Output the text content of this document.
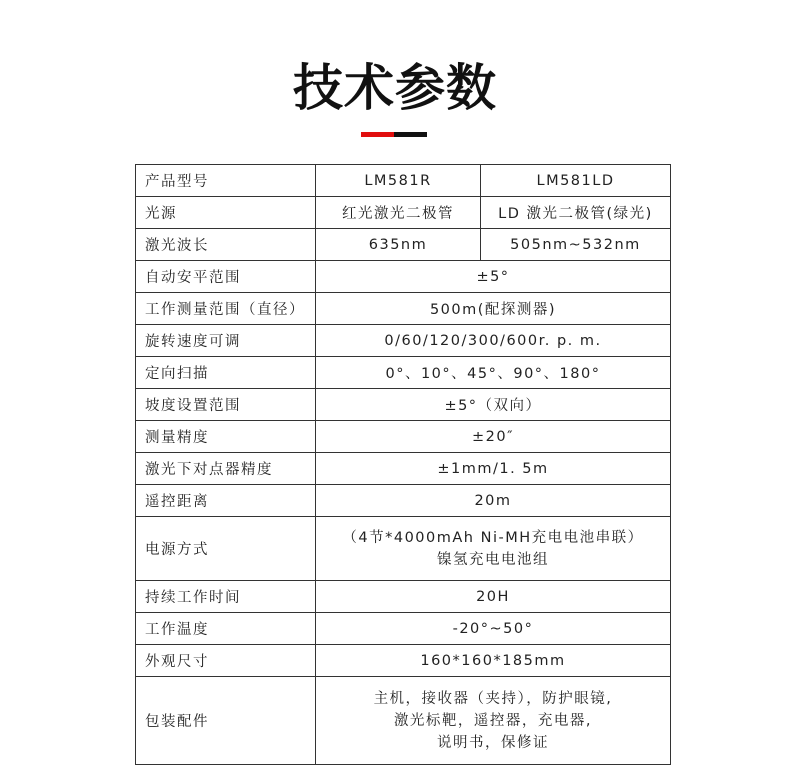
技术参数
产品型号	LM581R	LM581LD
光源	红光激光二极管	LD 激光二极管(绿光)
激光波长	635nm	505nm~532nm
自动安平范围	±5°	
工作测量范围（直径）	500m(配探测器)	
旋转速度可调	0/60/120/300/600r. p. m.	
定向扫描	0°、10°、45°、90°、180°	
坡度设置范围	±5°（双向）	
测量精度	±20″	
激光下对点器精度	±1mm/1. 5m	
遥控距离	20m	
电源方式	（4节*4000mAh Ni-MH充电电池串联）
镍氢充电电池组	

持续工作时间	20H	
工作温度	-20°~50°	
外观尺寸	160*160*185mm	
包装配件	主机，接收器（夹持），防护眼镜,
激光标靶，遥控器，充电器,
说明书，保修证	
